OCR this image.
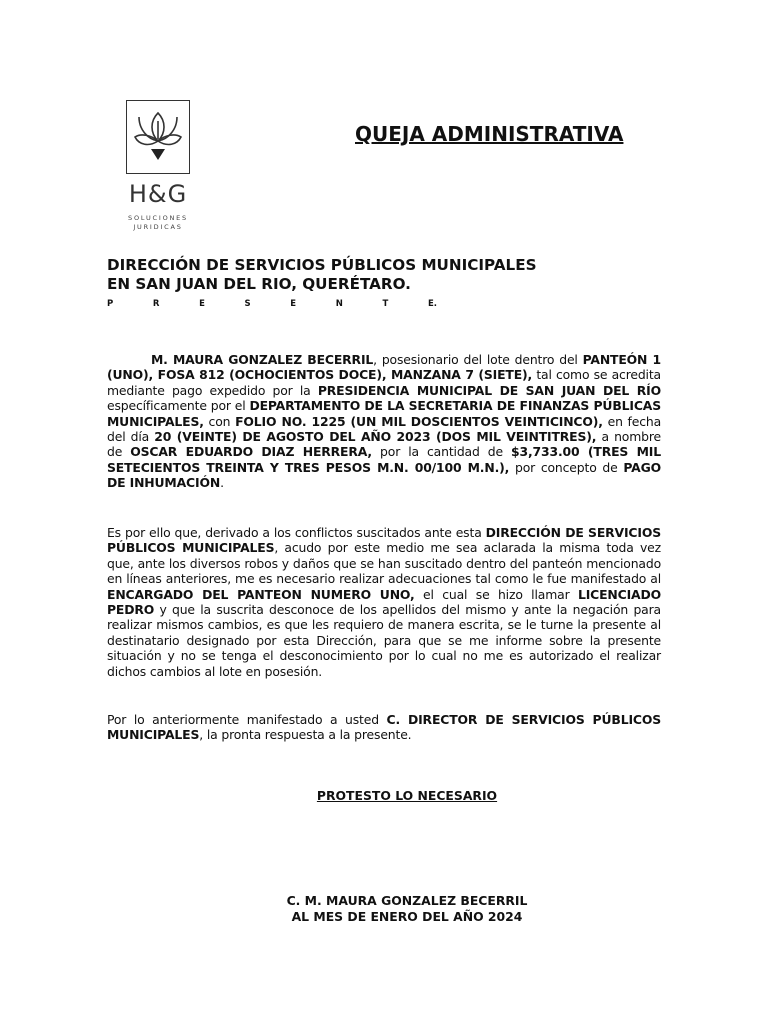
H&G
SOLUCIONES
JURIDICAS
QUEJA ADMINISTRATIVA
DIRECCIÓN DE SERVICIOS PÚBLICOS MUNICIPALES
EN SAN JUAN DEL RIO, QUERÉTARO.
P	R	E	S	E	N	T	E.
M. MAURA GONZALEZ BECERRIL, posesionario del lote dentro del PANTEÓN 1 (UNO), FOSA 812 (OCHOCIENTOS DOCE), MANZANA 7 (SIETE), tal como se acredita mediante pago expedido por la PRESIDENCIA MUNICIPAL DE SAN JUAN DEL RÍO específicamente por el DEPARTAMENTO DE LA SECRETARIA DE FINANZAS PÚBLICAS MUNICIPALES, con FOLIO NO. 1225 (UN MIL DOSCIENTOS VEINTICINCO), en fecha del día 20 (VEINTE) DE AGOSTO DEL AÑO 2023 (DOS MIL VEINTITRES), a nombre de OSCAR EDUARDO DIAZ HERRERA, por la cantidad de $3,733.00 (TRES MIL SETECIENTOS TREINTA Y TRES PESOS M.N. 00/100 M.N.), por concepto de PAGO DE INHUMACIÓN.
Es por ello que, derivado a los conflictos suscitados ante esta DIRECCIÓN DE SERVICIOS PÚBLICOS MUNICIPALES, acudo por este medio me sea aclarada la misma toda vez que, ante los diversos robos y daños que se han suscitado dentro del panteón mencionado en líneas anteriores, me es necesario realizar adecuaciones tal como le fue manifestado al ENCARGADO DEL PANTEON NUMERO UNO, el cual se hizo llamar LICENCIADO PEDRO y que la suscrita desconoce de los apellidos del mismo y ante la negación para realizar mismos cambios, es que les requiero de manera escrita, se le turne la presente al destinatario designado por esta Dirección, para que se me informe sobre la presente situación y no se tenga el desconocimiento por lo cual no me es autorizado el realizar dichos cambios al lote en posesión.
Por lo anteriormente manifestado a usted C. DIRECTOR DE SERVICIOS PÚBLICOS MUNICIPALES, la pronta respuesta a la presente.
PROTESTO LO NECESARIO
C. M. MAURA GONZALEZ BECERRIL
AL MES DE ENERO DEL AÑO 2024
